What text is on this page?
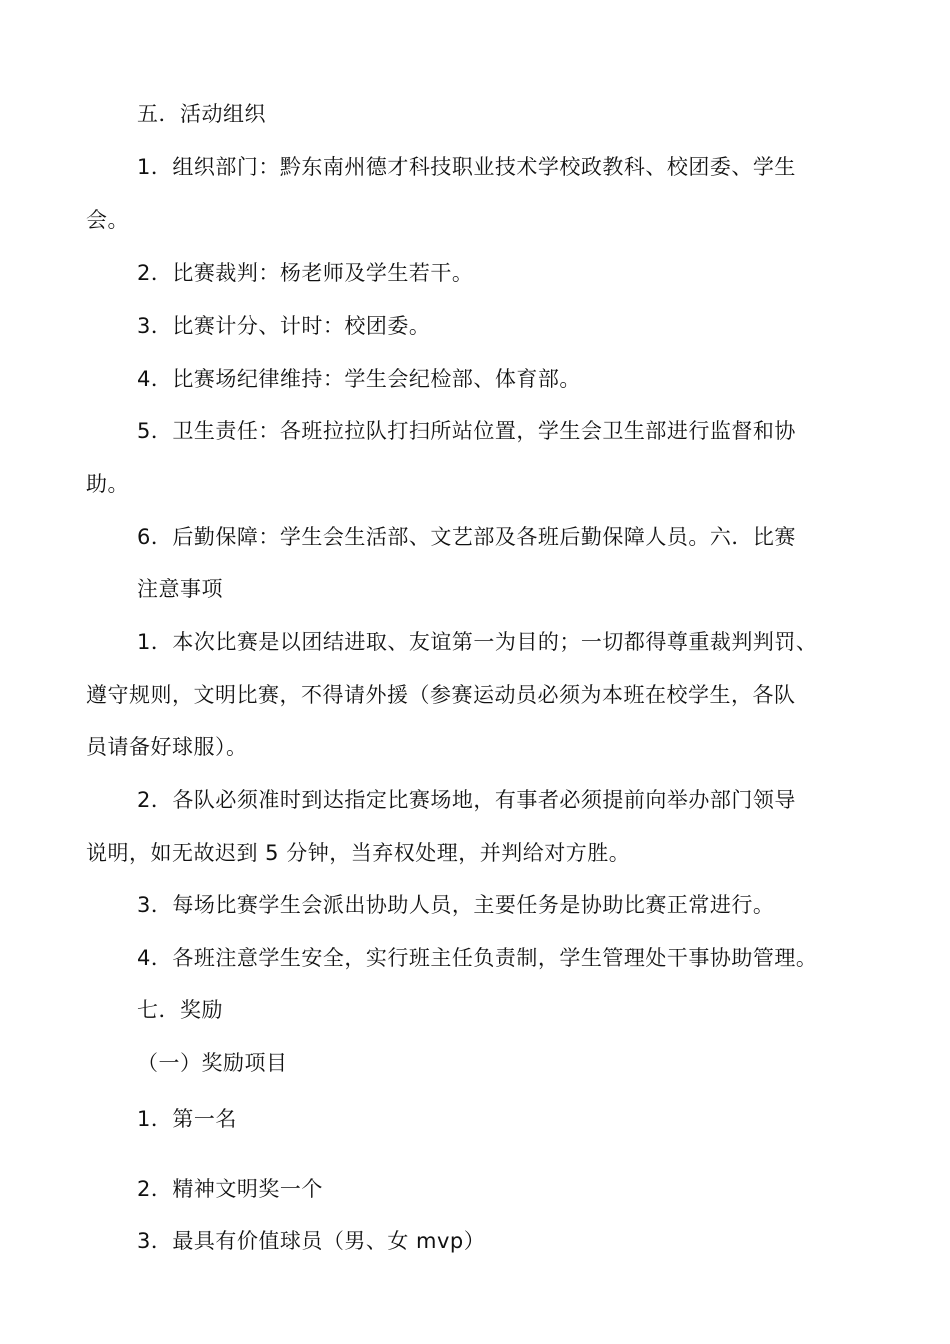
五．活动组织
1．组织部门：黔东南州德才科技职业技术学校政教科、校团委、学生
会。
2．比赛裁判：杨老师及学生若干。
3．比赛计分、计时：校团委。
4．比赛场纪律维持：学生会纪检部、体育部。
5．卫生责任：各班拉拉队打扫所站位置，学生会卫生部进行监督和协
助。
6．后勤保障：学生会生活部、文艺部及各班后勤保障人员。六．比赛
注意事项
1．本次比赛是以团结进取、友谊第一为目的；一切都得尊重裁判判罚、
遵守规则，文明比赛，不得请外援（参赛运动员必须为本班在校学生，各队
员请备好球服）。
2．各队必须准时到达指定比赛场地，有事者必须提前向举办部门领导
说明，如无故迟到 5 分钟，当弃权处理，并判给对方胜。
3．每场比赛学生会派出协助人员，主要任务是协助比赛正常进行。
4．各班注意学生安全，实行班主任负责制，学生管理处干事协助管理。
七．奖励
（一）奖励项目
1．第一名
2．精神文明奖一个
3．最具有价值球员（男、女 mvp）
